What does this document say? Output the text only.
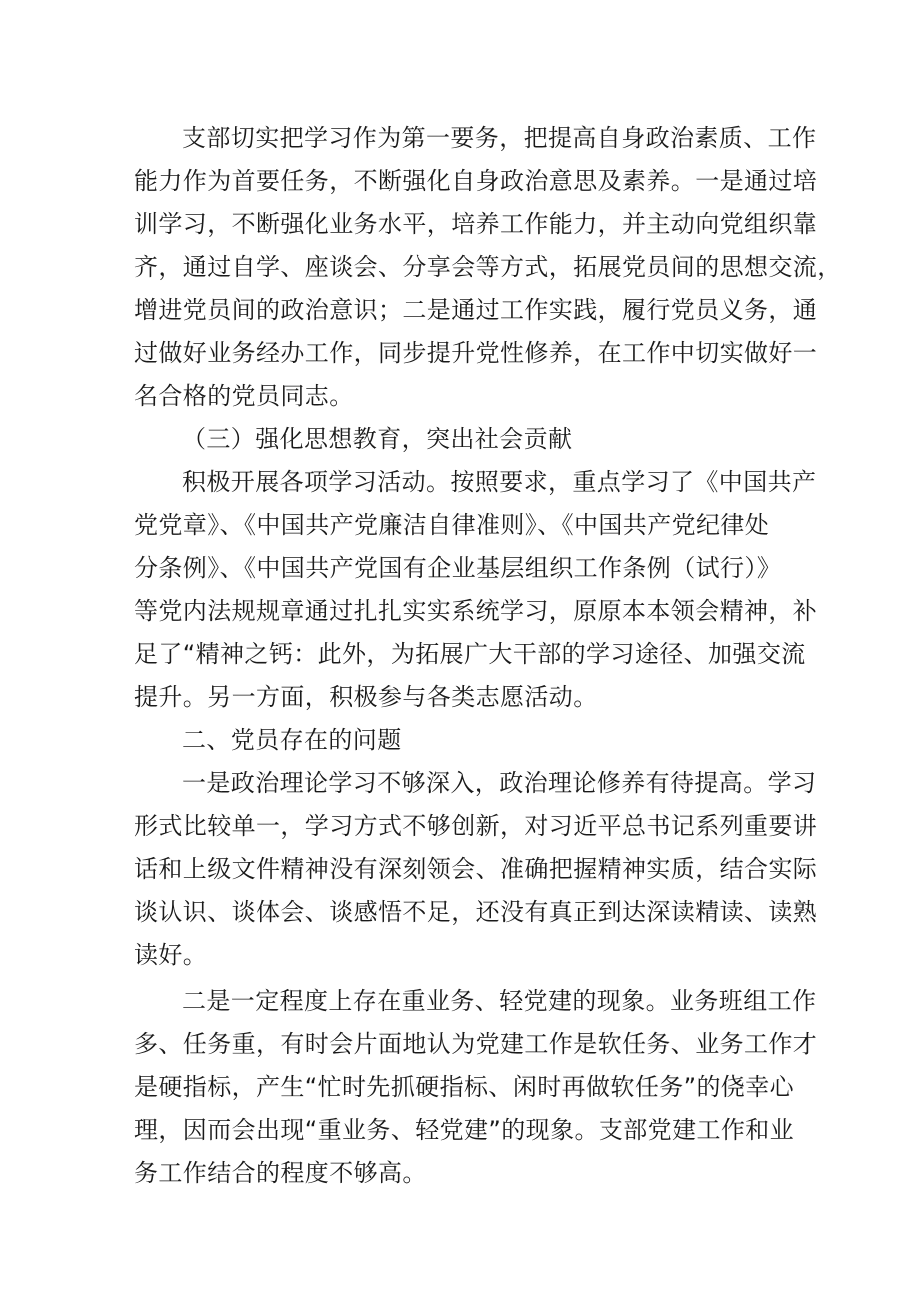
支部切实把学习作为第一要务，把提高自身政治素质、工作
能力作为首要任务，不断强化自身政治意思及素养。一是通过培
训学习，不断强化业务水平，培养工作能力，并主动向党组织靠
齐，通过自学、座谈会、分享会等方式，拓展党员间的思想交流，
增进党员间的政治意识；二是通过工作实践，履行党员义务，通
过做好业务经办工作，同步提升党性修养，在工作中切实做好一
名合格的党员同志。
（三）强化思想教育，突出社会贡献
积极开展各项学习活动。按照要求，重点学习了《中国共产
党党章》、《中国共产党廉洁自律准则》、《中国共产党纪律处
分条例》、《中国共产党国有企业基层组织工作条例（试行）》
等党内法规规章通过扎扎实实系统学习，原原本本领会精神，补
足了“精神之钙：此外，为拓展广大干部的学习途径、加强交流
提升。另一方面，积极参与各类志愿活动。
二、党员存在的问题
一是政治理论学习不够深入，政治理论修养有待提高。学习
形式比较单一，学习方式不够创新，对习近平总书记系列重要讲
话和上级文件精神没有深刻领会、准确把握精神实质，结合实际
谈认识、谈体会、谈感悟不足，还没有真正到达深读精读、读熟
读好。
二是一定程度上存在重业务、轻党建的现象。业务班组工作
多、任务重，有时会片面地认为党建工作是软任务、业务工作才
是硬指标，产生“忙时先抓硬指标、闲时再做软任务”的侥幸心
理，因而会出现“重业务、轻党建”的现象。支部党建工作和业
务工作结合的程度不够高。
